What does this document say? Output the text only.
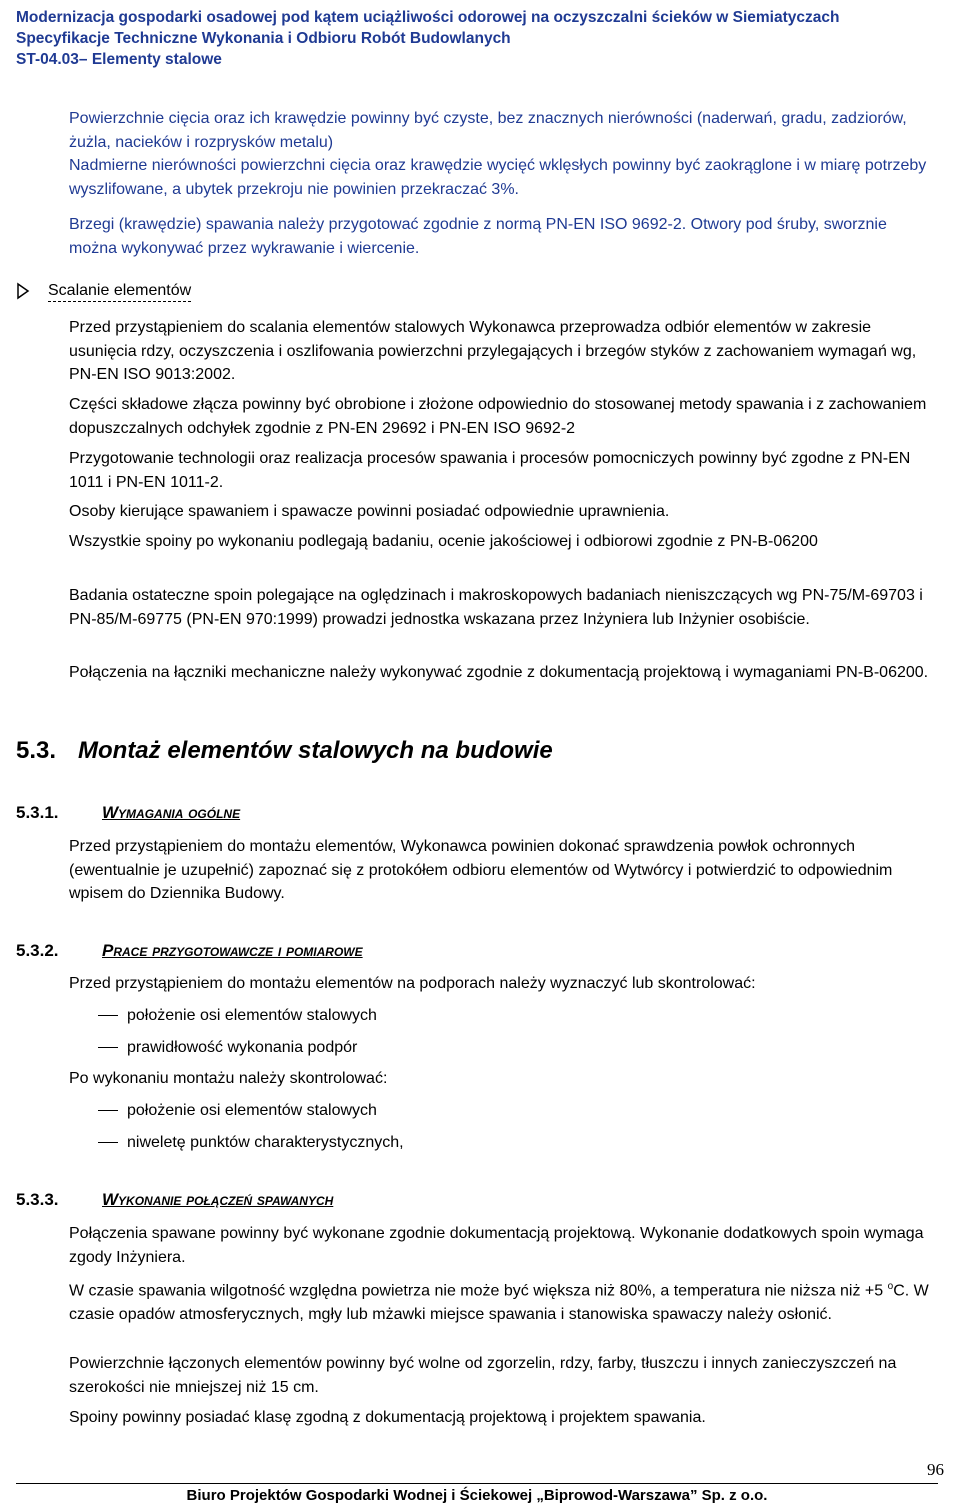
Modernizacja gospodarki osadowej pod kątem uciążliwości odorowej na oczyszczalni ścieków w Siemiatyczach
Specyfikacje Techniczne Wykonania i Odbioru Robót Budowlanych
ST-04.03– Elementy stalowe
Powierzchnie cięcia oraz ich krawędzie powinny być czyste, bez znacznych nierówności (naderwań, gradu, zadziorów, żużla, nacieków i rozprysków metalu)
Nadmierne nierówności powierzchni cięcia oraz krawędzie wycięć wklęsłych powinny być zaokrąglone i w miarę potrzeby wyszlifowane, a ubytek przekroju nie powinien przekraczać 3%.
Brzegi (krawędzie) spawania należy przygotować zgodnie z normą PN-EN ISO 9692-2. Otwory pod śruby, sworznie można wykonywać przez wykrawanie i wiercenie.
Scalanie elementów
Przed przystąpieniem do scalania elementów stalowych Wykonawca przeprowadza odbiór elementów w zakresie usunięcia rdzy, oczyszczenia i oszlifowania powierzchni przylegających i brzegów styków z zachowaniem wymagań wg, PN-EN ISO 9013:2002.
Części składowe złącza powinny być obrobione i złożone odpowiednio do stosowanej metody spawania i z zachowaniem dopuszczalnych odchyłek zgodnie z PN-EN 29692 i PN-EN ISO 9692-2
Przygotowanie technologii oraz realizacja procesów spawania i procesów pomocniczych powinny być zgodne z PN-EN 1011 i PN-EN 1011-2.
Osoby kierujące spawaniem i spawacze powinni posiadać odpowiednie uprawnienia.
Wszystkie spoiny po wykonaniu podlegają badaniu, ocenie jakościowej i odbiorowi zgodnie z PN-B-06200
Badania ostateczne spoin polegające na oględzinach i makroskopowych badaniach nieniszczących wg PN-75/M-69703 i PN-85/M-69775 (PN-EN 970:1999) prowadzi jednostka wskazana przez Inżyniera lub Inżynier osobiście.
Połączenia na łączniki mechaniczne należy wykonywać zgodnie z dokumentacją projektową i wymaganiami PN-B-06200.
5.3. Montaż elementów stalowych na budowie
5.3.1.	Wymagania ogólne
Przed przystąpieniem do montażu elementów, Wykonawca powinien dokonać sprawdzenia powłok ochronnych (ewentualnie je uzupełnić) zapoznać się z protokółem odbioru elementów od Wytwórcy i potwierdzić to odpowiednim wpisem do Dziennika Budowy.
5.3.2.	Prace przygotowawcze i pomiarowe
Przed przystąpieniem do montażu elementów na podporach należy wyznaczyć lub skontrolować:
położenie osi elementów stalowych
prawidłowość wykonania podpór
Po wykonaniu montażu należy skontrolować:
położenie osi elementów stalowych
niweletę punktów charakterystycznych,
5.3.3.	Wykonanie połączeń spawanych
Połączenia spawane powinny być wykonane zgodnie dokumentacją projektową. Wykonanie dodatkowych spoin wymaga zgody Inżyniera.
W czasie spawania wilgotność względna powietrza nie może być większa niż 80%, a temperatura nie niższa niż +5 $^o$C. W czasie opadów atmosferycznych, mgły lub mżawki miejsce spawania i stanowiska spawaczy należy osłonić.
Powierzchnie łączonych elementów powinny być wolne od zgorzelin, rdzy, farby, tłuszczu i innych zanieczyszczeń na szerokości nie mniejszej niż 15 cm.
Spoiny powinny posiadać klasę zgodną z dokumentacją projektową i projektem spawania.
96
Biuro Projektów Gospodarki Wodnej i Ściekowej „Biprowod-Warszawa” Sp. z o.o.
